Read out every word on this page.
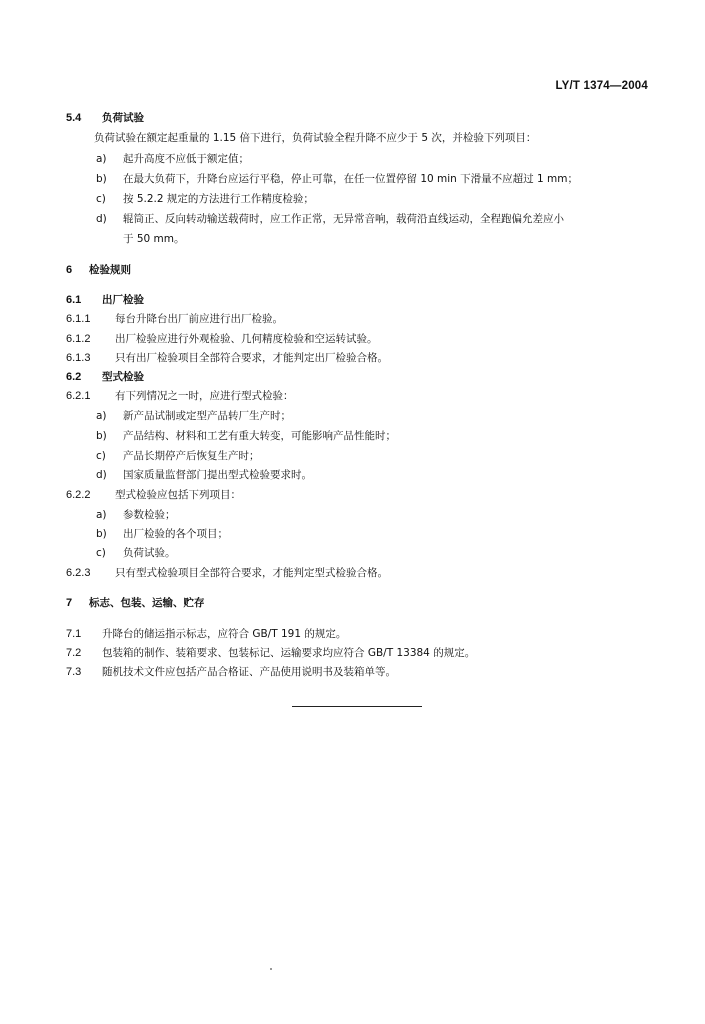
LY/T 1374—2004
5.4 负荷试验
负荷试验在额定起重量的 1.15 倍下进行，负荷试验全程升降不应少于 5 次，并检验下列项目：
a) 起升高度不应低于额定值；
b) 在最大负荷下，升降台应运行平稳，停止可靠，在任一位置停留 10 min 下滑量不应超过 1 mm；
c) 按 5.2.2 规定的方法进行工作精度检验；
d) 辊筒正、反向转动输送载荷时，应工作正常，无异常音响，载荷沿直线运动，全程跑偏允差应小
于 50 mm。
6 检验规则
6.1 出厂检验
6.1.1 每台升降台出厂前应进行出厂检验。
6.1.2 出厂检验应进行外观检验、几何精度检验和空运转试验。
6.1.3 只有出厂检验项目全部符合要求，才能判定出厂检验合格。
6.2 型式检验
6.2.1 有下列情况之一时，应进行型式检验：
a) 新产品试制或定型产品转厂生产时；
b) 产品结构、材料和工艺有重大转变，可能影响产品性能时；
c) 产品长期停产后恢复生产时；
d) 国家质量监督部门提出型式检验要求时。
6.2.2 型式检验应包括下列项目：
a) 参数检验；
b) 出厂检验的各个项目；
c) 负荷试验。
6.2.3 只有型式检验项目全部符合要求，才能判定型式检验合格。
7 标志、包装、运输、贮存
7.1 升降台的储运指示标志，应符合 GB/T 191 的规定。
7.2 包装箱的制作、装箱要求、包装标记、运输要求均应符合 GB/T 13384 的规定。
7.3 随机技术文件应包括产品合格证、产品使用说明书及装箱单等。
